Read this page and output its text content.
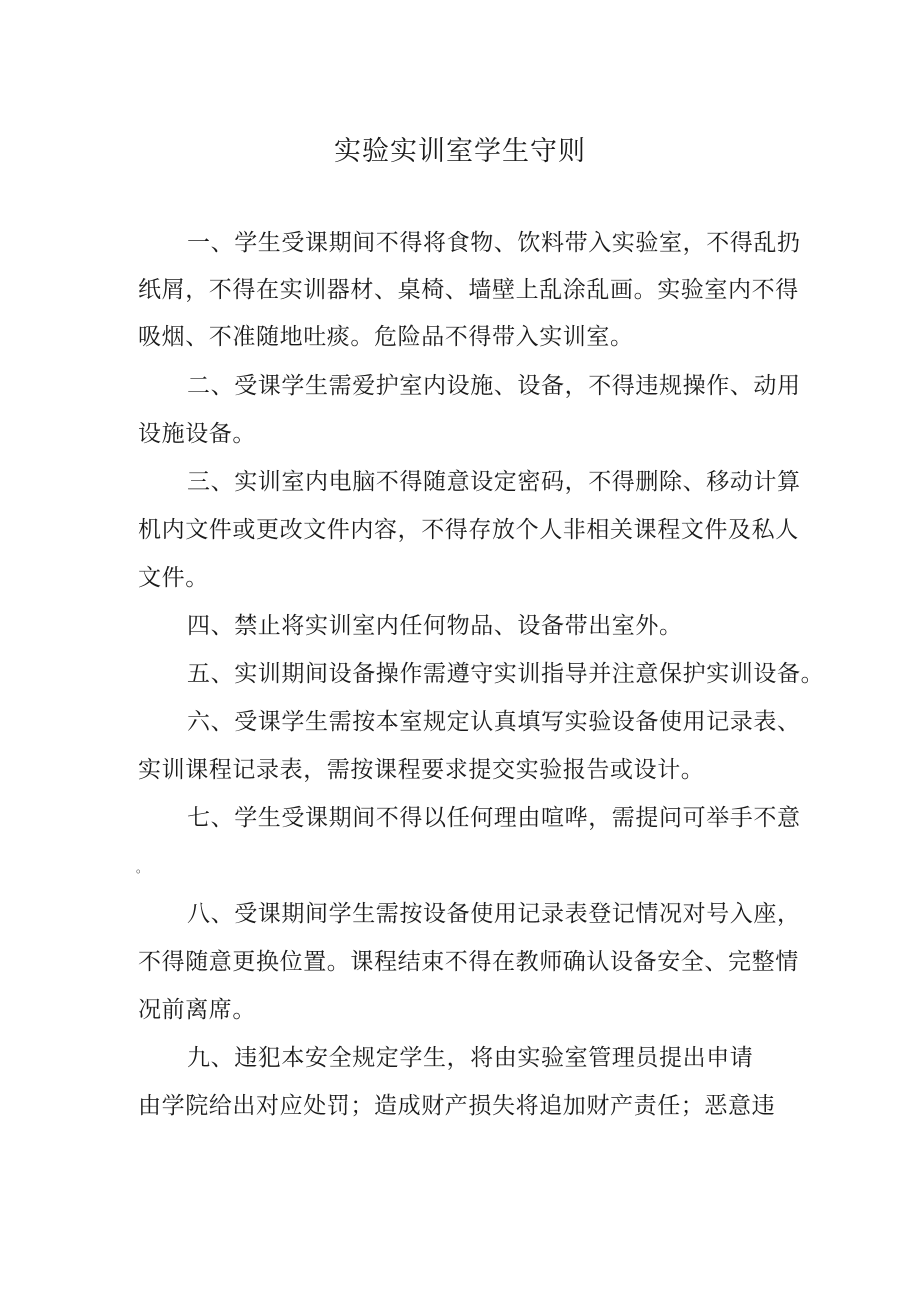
实验实训室学生守则
一、学生受课期间不得将食物、饮料带入实验室，不得乱扔
纸屑，不得在实训器材、桌椅、墙壁上乱涂乱画。实验室内不得
吸烟、不准随地吐痰。危险品不得带入实训室。
二、受课学生需爱护室内设施、设备，不得违规操作、动用
设施设备。
三、实训室内电脑不得随意设定密码，不得删除、移动计算
机内文件或更改文件内容，不得存放个人非相关课程文件及私人
文件。
四、禁止将实训室内任何物品、设备带出室外。
五、实训期间设备操作需遵守实训指导并注意保护实训设备。
六、受课学生需按本室规定认真填写实验设备使用记录表、
实训课程记录表，需按课程要求提交实验报告或设计。
七、学生受课期间不得以任何理由喧哗，需提问可举手不意
。
八、受课期间学生需按设备使用记录表登记情况对号入座，
不得随意更换位置。课程结束不得在教师确认设备安全、完整情
况前离席。
九、违犯本安全规定学生，将由实验室管理员提出申请
由学院给出对应处罚；造成财产损失将追加财产责任；恶意违
